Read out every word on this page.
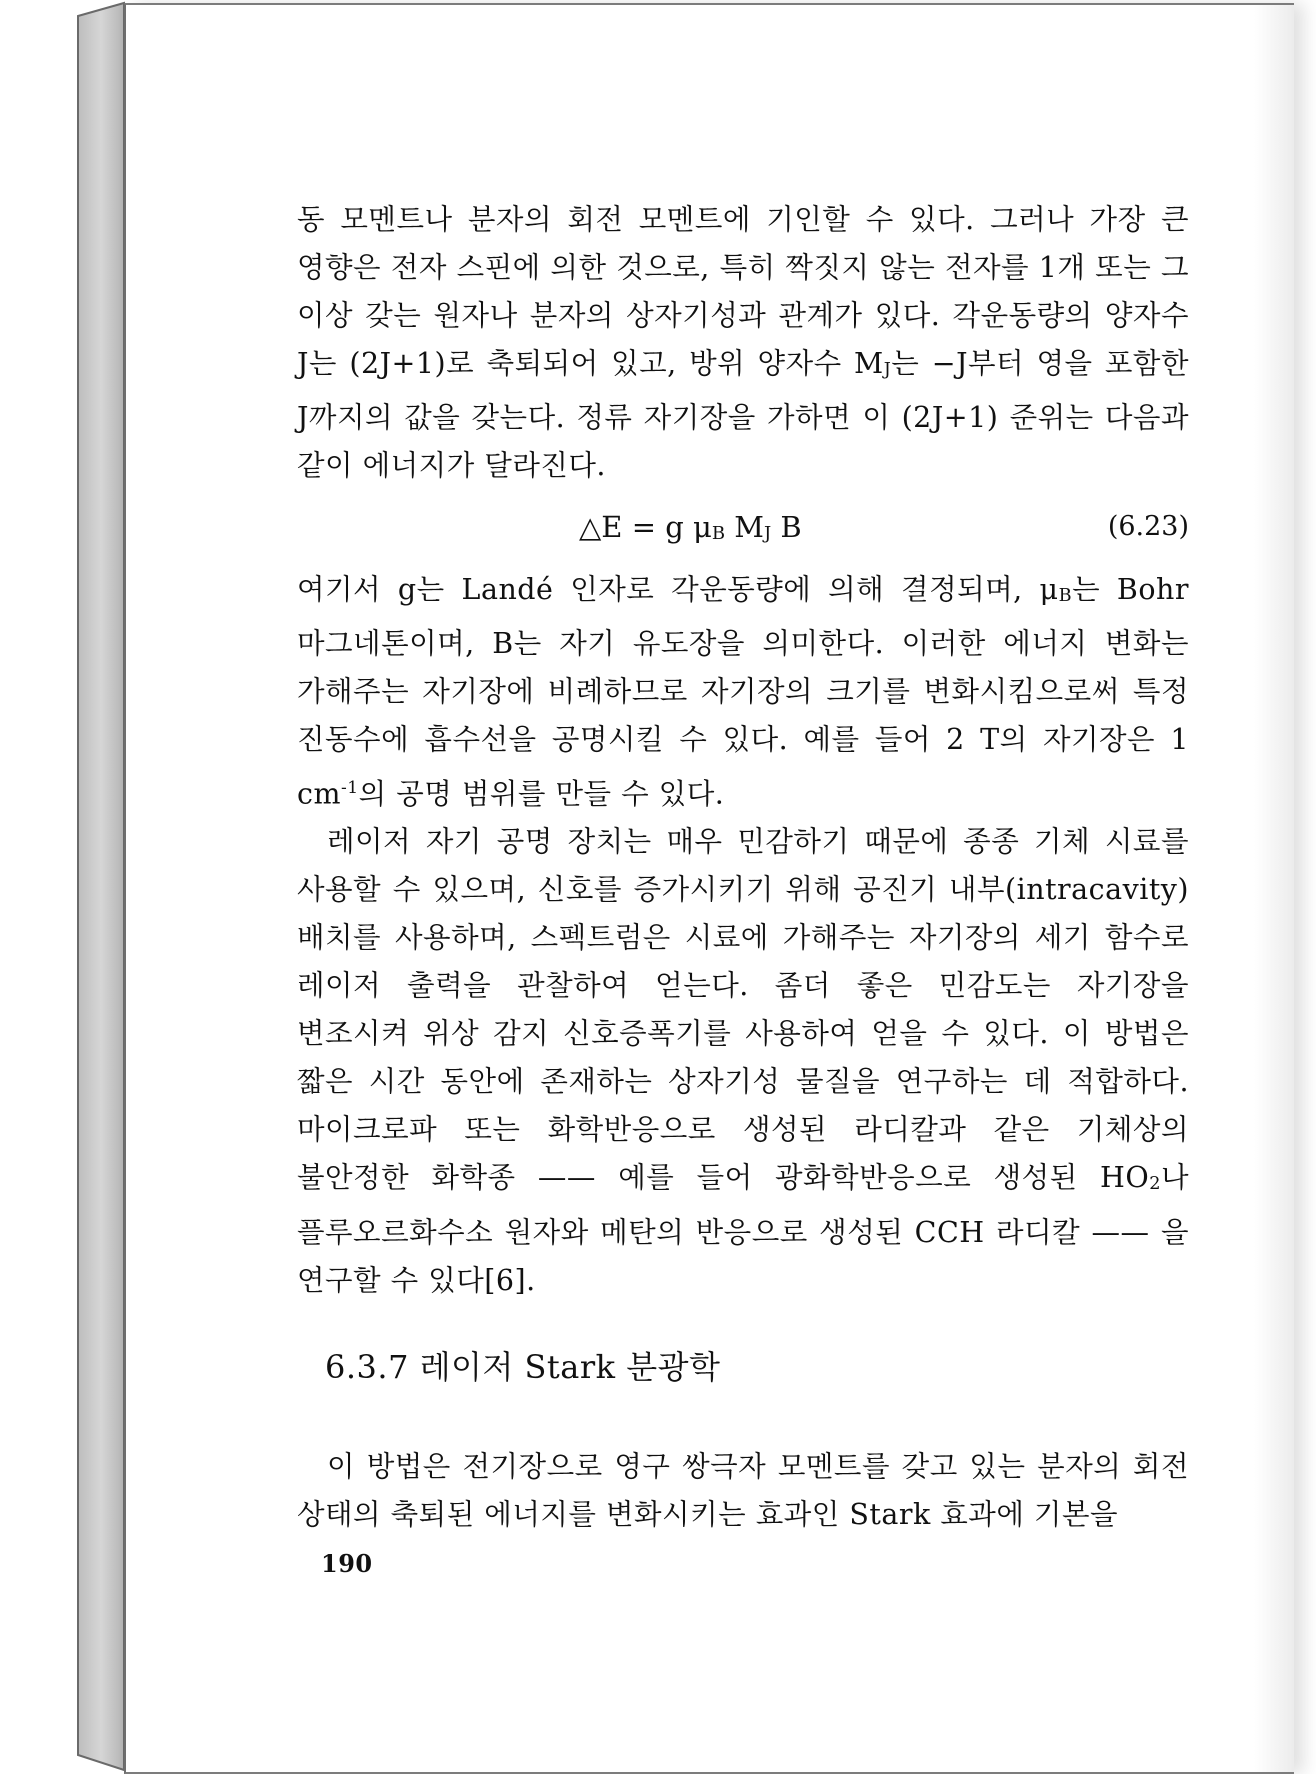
동 모멘트나 분자의 회전 모멘트에 기인할 수 있다. 그러나 가장 큰 영향은 전자 스핀에 의한 것으로, 특히 짝짓지 않는 전자를 1개 또는 그 이상 갖는 원자나 분자의 상자기성과 관계가 있다. 각운동량의 양자수 J는 (2J+1)로 축퇴되어 있고, 방위 양자수 MJ는 −J부터 영을 포함한 J까지의 값을 갖는다. 정류 자기장을 가하면 이 (2J+1) 준위는 다음과 같이 에너지가 달라진다.

△E = g μB MJ B	(6.23)

여기서 g는 Landé 인자로 각운동량에 의해 결정되며, μB는 Bohr 마그네톤이며, B는 자기 유도장을 의미한다. 이러한 에너지 변화는 가해주는 자기장에 비례하므로 자기장의 크기를 변화시킴으로써 특정 진동수에 흡수선을 공명시킬 수 있다. 예를 들어 2 T의 자기장은 1 $cm^{-1}$의 공명 범위를 만들 수 있다.

레이저 자기 공명 장치는 매우 민감하기 때문에 종종 기체 시료를 사용할 수 있으며, 신호를 증가시키기 위해 공진기 내부(intracavity) 배치를 사용하며, 스펙트럼은 시료에 가해주는 자기장의 세기 함수로 레이저 출력을 관찰하여 얻는다. 좀더 좋은 민감도는 자기장을 변조시켜 위상 감지 신호증폭기를 사용하여 얻을 수 있다. 이 방법은 짧은 시간 동안에 존재하는 상자기성 물질을 연구하는 데 적합하다. 마이크로파 또는 화학반응으로 생성된 라디칼과 같은 기체상의 불안정한 화학종 —— 예를 들어 광화학반응으로 생성된 HO2나 플루오르화수소 원자와 메탄의 반응으로 생성된 CCH 라디칼 —— 을 연구할 수 있다[6].

6.3.7 레이저 Stark 분광학

이 방법은 전기장으로 영구 쌍극자 모멘트를 갖고 있는 분자의 회전 상태의 축퇴된 에너지를 변화시키는 효과인 Stark 효과에 기본을

190
